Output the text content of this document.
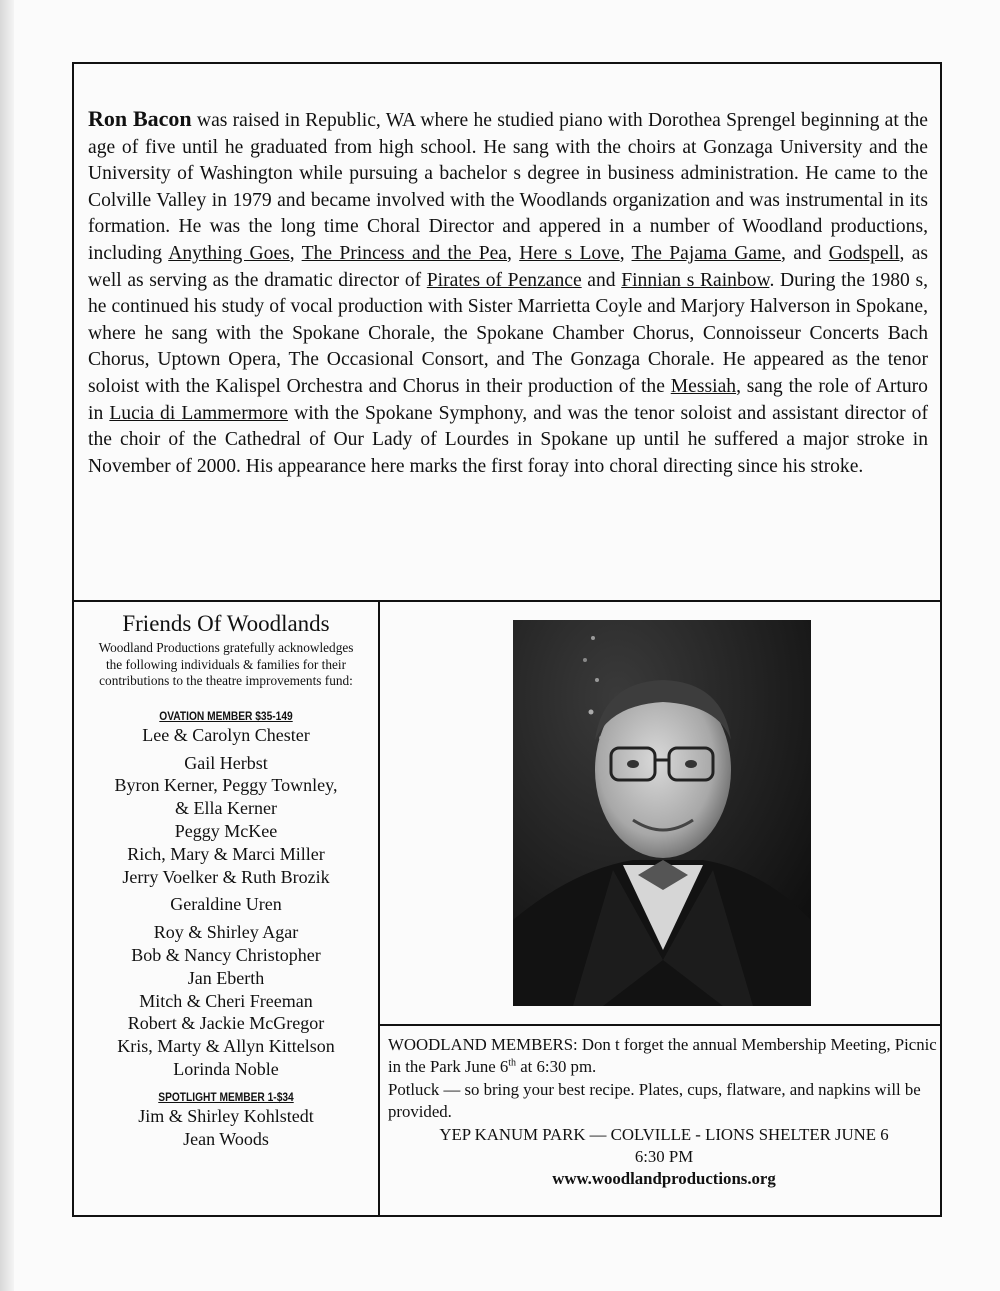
Ron Bacon was raised in Republic, WA where he studied piano with Dorothea Sprengel beginning at the age of five until he graduated from high school. He sang with the choirs at Gonzaga University and the University of Washington while pursuing a bachelor s degree in business administration. He came to the Colville Valley in 1979 and became involved with the Woodlands organization and was instrumental in its formation. He was the long time Choral Director and appered in a number of Woodland productions, including Anything Goes, The Princess and the Pea, Here s Love, The Pajama Game, and Godspell, as well as serving as the dramatic director of Pirates of Penzance and Finnian s Rainbow. During the 1980 s, he continued his study of vocal production with Sister Marrietta Coyle and Marjory Halverson in Spokane, where he sang with the Spokane Chorale, the Spokane Chamber Chorus, Connoisseur Concerts Bach Chorus, Uptown Opera, The Occasional Consort, and The Gonzaga Chorale. He appeared as the tenor soloist with the Kalispel Orchestra and Chorus in their production of the Messiah, sang the role of Arturo in Lucia di Lammermore with the Spokane Symphony, and was the tenor soloist and assistant director of the choir of the Cathedral of Our Lady of Lourdes in Spokane up until he suffered a major stroke in November of 2000. His appearance here marks the first foray into choral directing since his stroke.
Friends Of Woodlands
Woodland Productions gratefully acknowledges the following individuals & families for their contributions to the theatre improvements fund:
OVATION MEMBER $35-149
Lee & Carolyn Chester
Gail Herbst
Byron Kerner, Peggy Townley,
& Ella Kerner
Peggy McKee
Rich, Mary & Marci Miller
Jerry Voelker & Ruth Brozik
Geraldine Uren
Roy & Shirley Agar
Bob & Nancy Christopher
Jan Eberth
Mitch & Cheri Freeman
Robert & Jackie McGregor
Kris, Marty & Allyn Kittelson
Lorinda Noble
SPOTLIGHT MEMBER 1-$34
Jim & Shirley Kohlstedt
Jean Woods
WOODLAND MEMBERS: Don t forget the annual Membership Meeting, Picnic in the Park June 6th at 6:30 pm.
Potluck — so bring your best recipe. Plates, cups, flatware, and napkins will be provided.
YEP KANUM PARK — COLVILLE - LIONS SHELTER JUNE 6
6:30 PM
www.woodlandproductions.org
